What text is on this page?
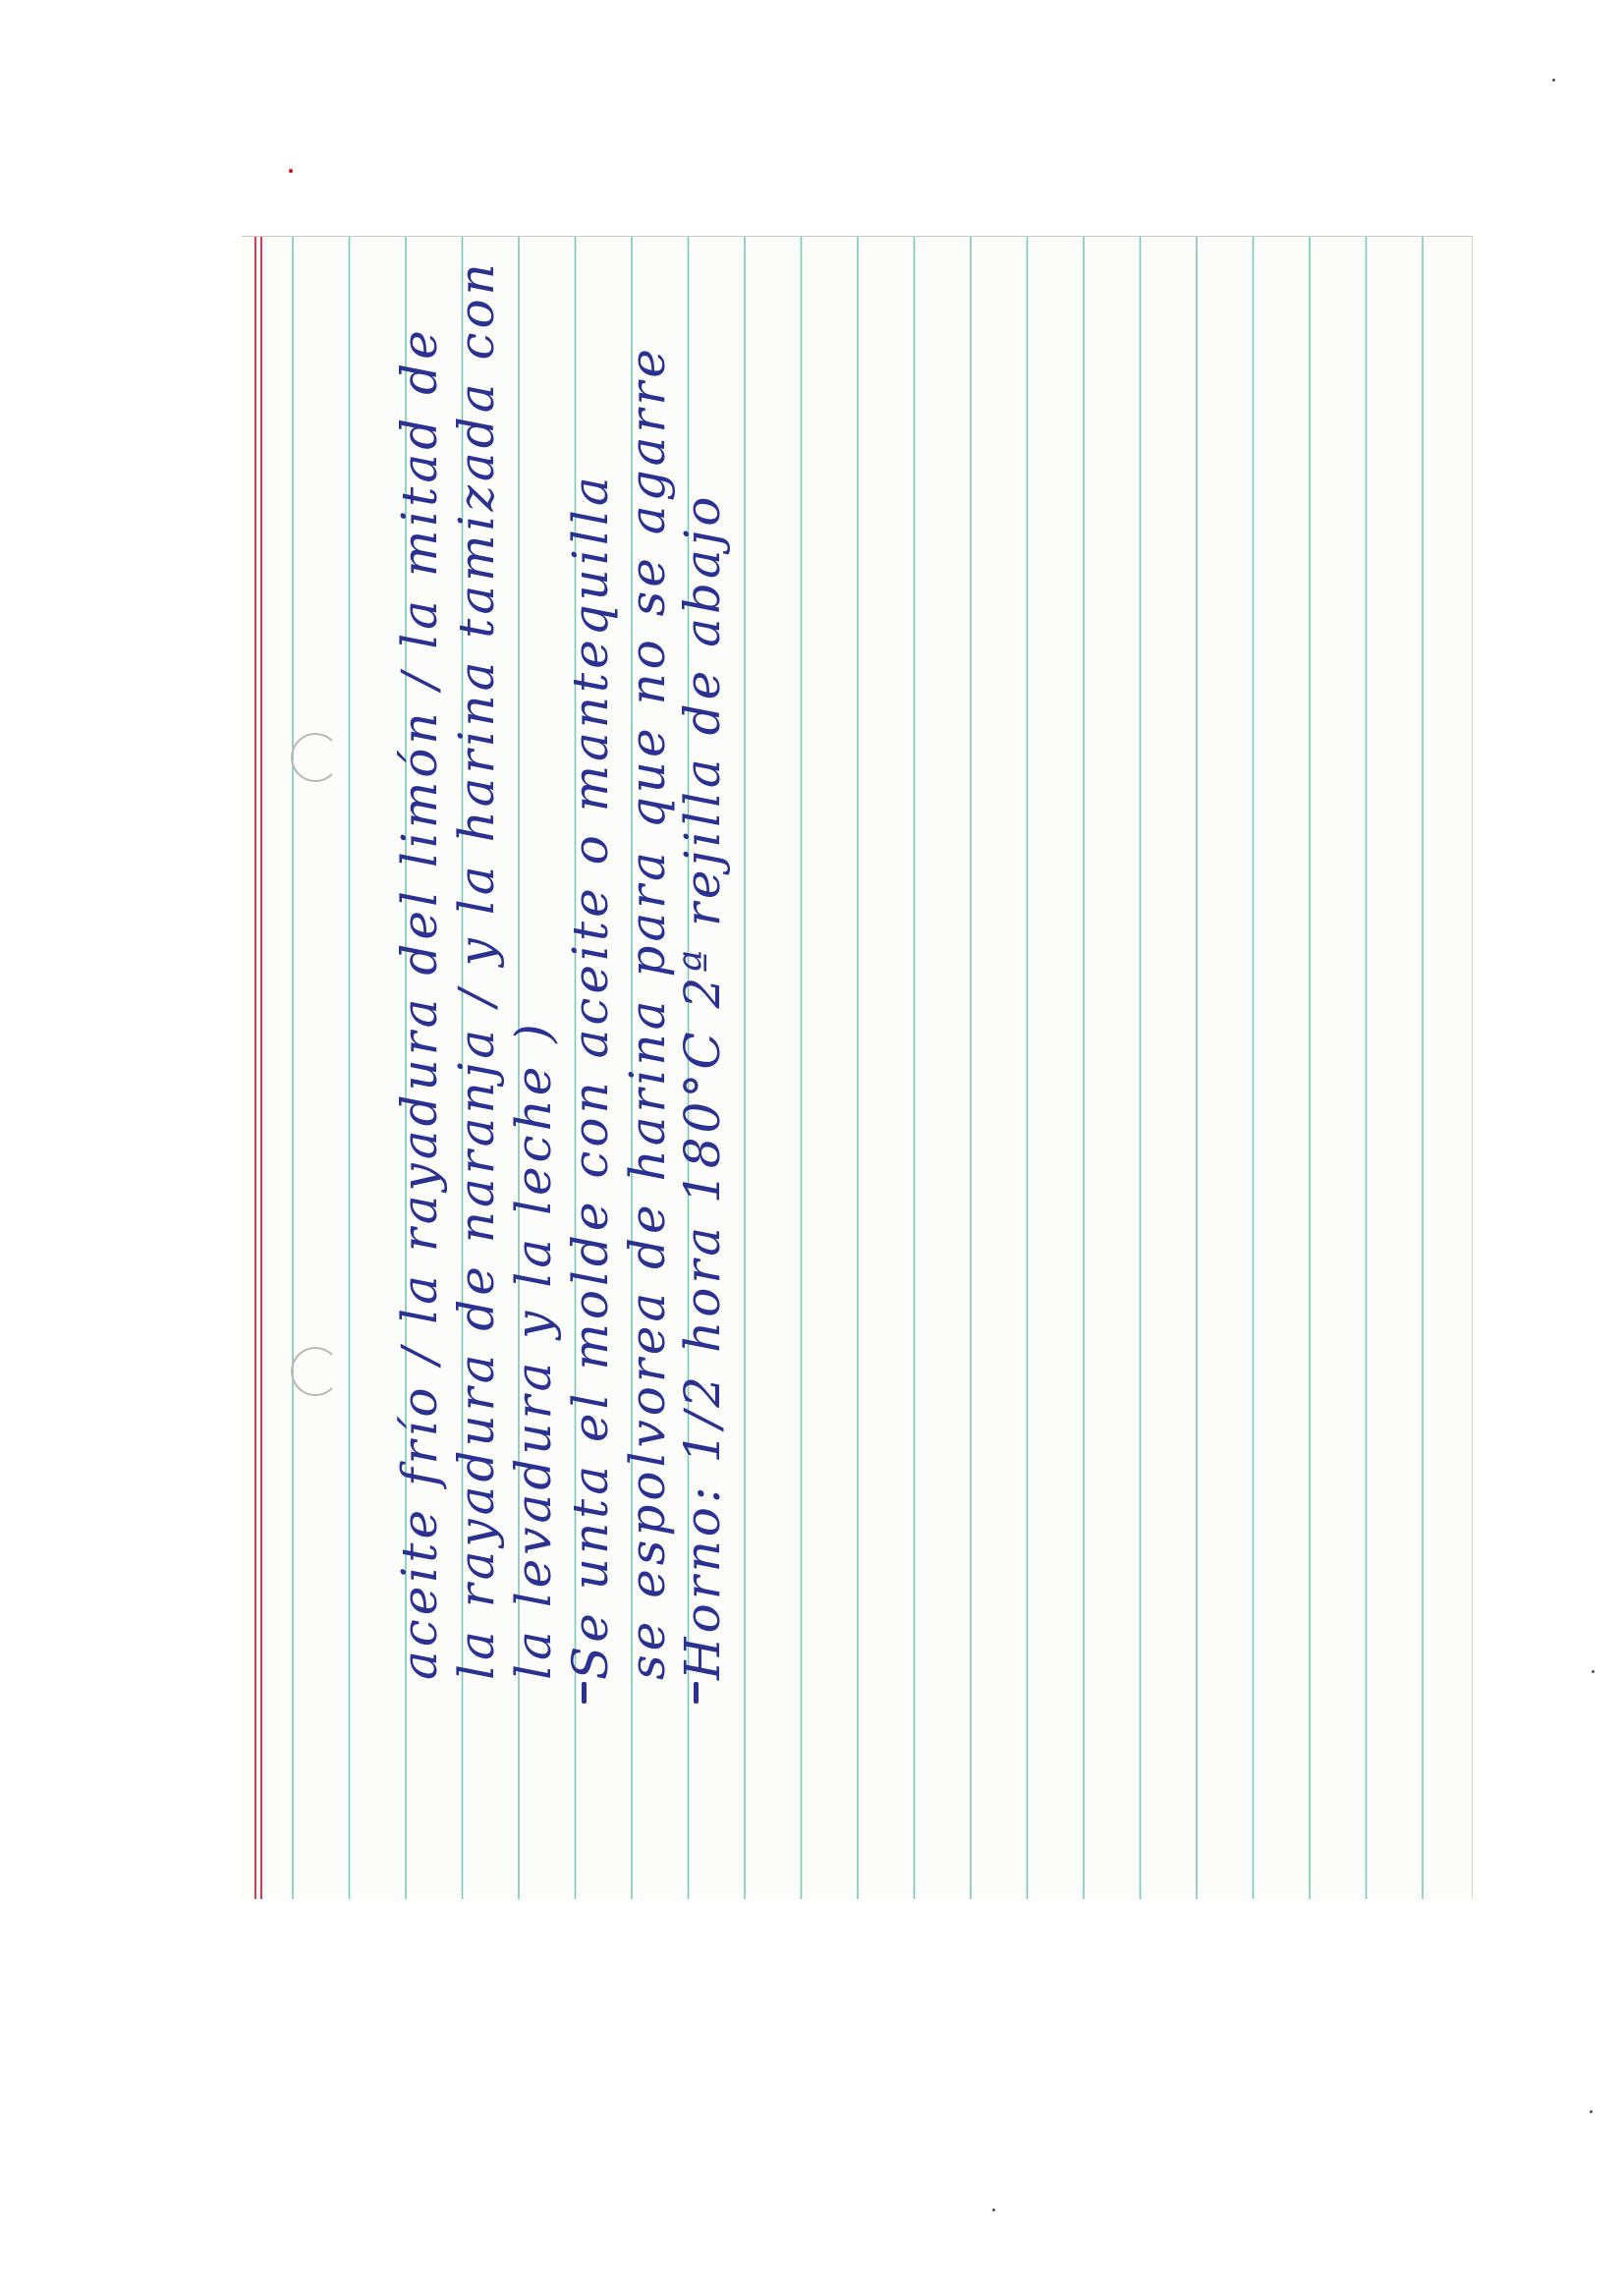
aceite frío / la rayadura del limón / la mitad de la rayadura de naranja / y la harina tamizada con la levadura y la leche ) Se unta el molde con aceite o mantequilla se espolvorea de harina para que no se agarre
Horno: 1/2 hora 180°C 2ª rejilla de abajo
